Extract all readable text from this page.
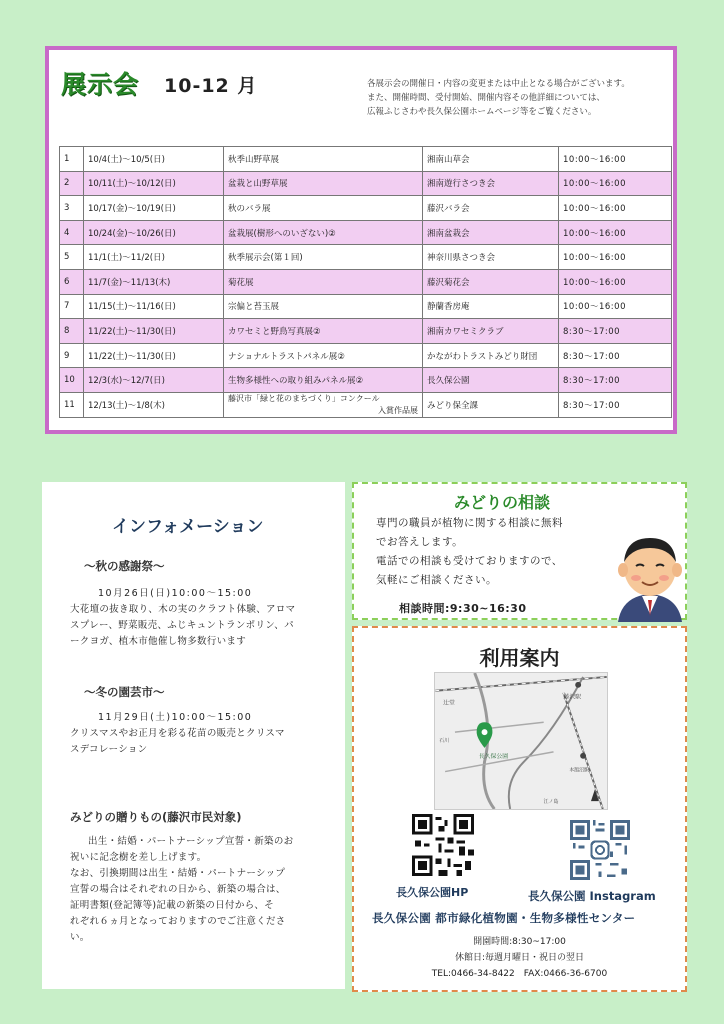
展示会 10-12 月	各展示会の開催日・内容の変更または中止となる場合がございます。
また、開催時間、受付開始、開催内容その他詳細については、
広報ふじさわや長久保公園ホームページ等をご覧ください。
1	10/4(土)～10/5(日)	秋季山野草展	湘南山草会	10:00～16:00
2	10/11(土)～10/12(日)	盆栽と山野草展	湘南遊行さつき会	10:00～16:00
3	10/17(金)～10/19(日)	秋のバラ展	藤沢バラ会	10:00～16:00
4	10/24(金)～10/26(日)	盆栽展(樹形へのいざない)②	湘南盆栽会	10:00～16:00
5	11/1(土)～11/2(日)	秋季展示会(第１回)	神奈川県さつき会	10:00～16:00
6	11/7(金)～11/13(木)	菊花展	藤沢菊花会	10:00～16:00
7	11/15(土)～11/16(日)	宗偏と苔玉展	静蘭香房庵	10:00～16:00
8	11/22(土)～11/30(日)	カワセミと野鳥写真展②	湘南カワセミクラブ	8:30～17:00
9	11/22(土)～11/30(日)	ナショナルトラストパネル展②	かながわトラストみどり財団	8:30～17:00
10	12/3(水)～12/7(日)	生物多様性への取り組みパネル展②	長久保公園	8:30～17:00
11	12/13(土)～1/8(木)	藤沢市「緑と花のまちづくり」コンクール
入賞作品展	みどり保全課	8:30～17:00
インフォメーション
～秋の感謝祭～
10月26日(日)10:00～15:00
大花壇の抜き取り、木の実のクラフト体験、アロマ
スプレー、野菜販売、ふじキュントランポリン、パ
ークヨガ、植木市他催し物多数行います
～冬の園芸市～
11月29日(土)10:00～15:00
クリスマスやお正月を彩る花苗の販売とクリスマ
スデコレーション
みどりの贈りもの(藤沢市民対象)
出生・結婚・パートナーシップ宣誓・新築のお
祝いに記念樹を差し上げます。
なお、引換期間は出生・結婚・パートナーシップ
宣誓の場合はそれぞれの日から、新築の場合は、
証明書類(登記簿等)記載の新築の日付から、そ
れぞれ６ヵ月となっておりますのでご注意くださ
い。
みどりの相談
専門の職員が植物に関する相談に無料
でお答えします。
電話での相談も受けておりますので、
気軽にご相談ください。
相談時間:9:30~16:30
利用案内
辻堂
藤沢駅
長久保公園
石川
本鵠沼駅
江ノ島
長久保公園HP	長久保公園 Instagram
長久保公園 都市緑化植物園・生物多様性センター
開園時間:8:30~17:00
休館日:毎週月曜日・祝日の翌日
TEL:0466-34-8422　FAX:0466-36-6700
